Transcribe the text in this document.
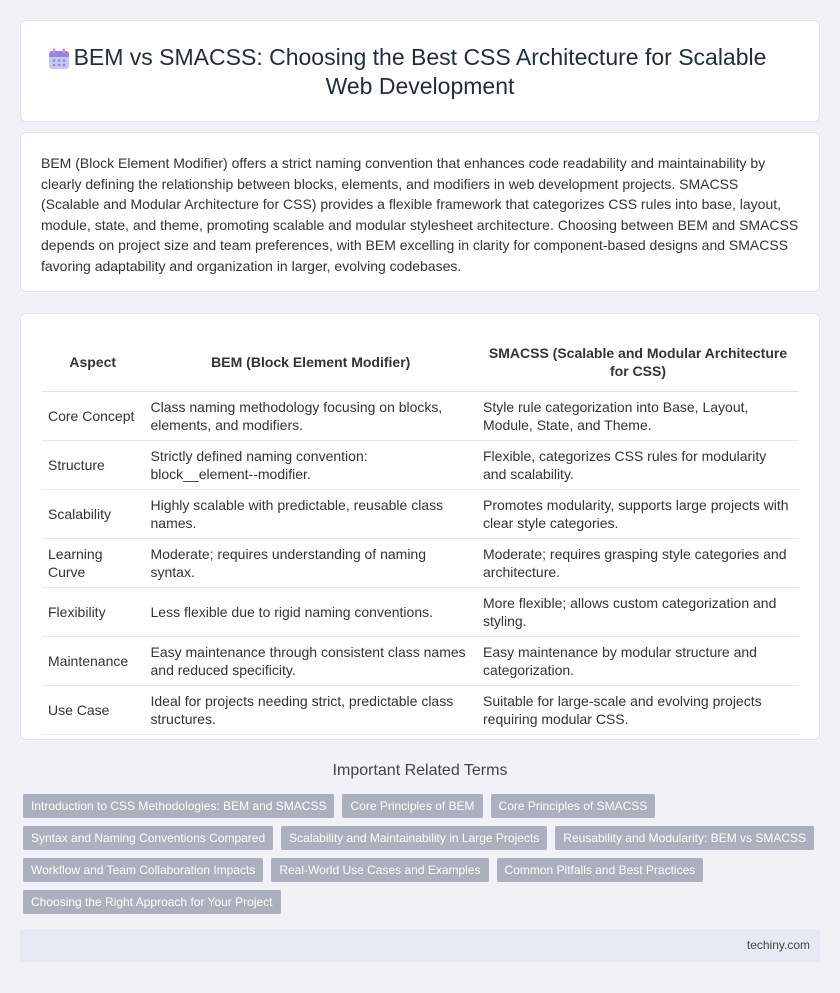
BEM vs SMACSS: Choosing the Best CSS Architecture for Scalable Web Development

BEM (Block Element Modifier) offers a strict naming convention that enhances code readability and maintainability by clearly defining the relationship between blocks, elements, and modifiers in web development projects. SMACSS (Scalable and Modular Architecture for CSS) provides a flexible framework that categorizes CSS rules into base, layout, module, state, and theme, promoting scalable and modular stylesheet architecture. Choosing between BEM and SMACSS depends on project size and team preferences, with BEM excelling in clarity for component-based designs and SMACSS favoring adaptability and organization in larger, evolving codebases.

Aspect	BEM (Block Element Modifier)	SMACSS (Scalable and Modular Architecture for CSS)
Core Concept	Class naming methodology focusing on blocks, elements, and modifiers.	Style rule categorization into Base, Layout, Module, State, and Theme.
Structure	Strictly defined naming convention: block__element--modifier.	Flexible, categorizes CSS rules for modularity and scalability.
Scalability	Highly scalable with predictable, reusable class names.	Promotes modularity, supports large projects with clear style categories.
Learning Curve	Moderate; requires understanding of naming syntax.	Moderate; requires grasping style categories and architecture.
Flexibility	Less flexible due to rigid naming conventions.	More flexible; allows custom categorization and styling.
Maintenance	Easy maintenance through consistent class names and reduced specificity.	Easy maintenance by modular structure and categorization.
Use Case	Ideal for projects needing strict, predictable class structures.	Suitable for large-scale and evolving projects requiring modular CSS.
Important Related Terms
Introduction to CSS Methodologies: BEM and SMACSS	Core Principles of BEM	Core Principles of SMACSS
Syntax and Naming Conventions Compared	Scalability and Maintainability in Large Projects	Reusability and Modularity: BEM vs SMACSS
Workflow and Team Collaboration Impacts	Real-World Use Cases and Examples	Common Pitfalls and Best Practices
Choosing the Right Approach for Your Project
techiny.com
